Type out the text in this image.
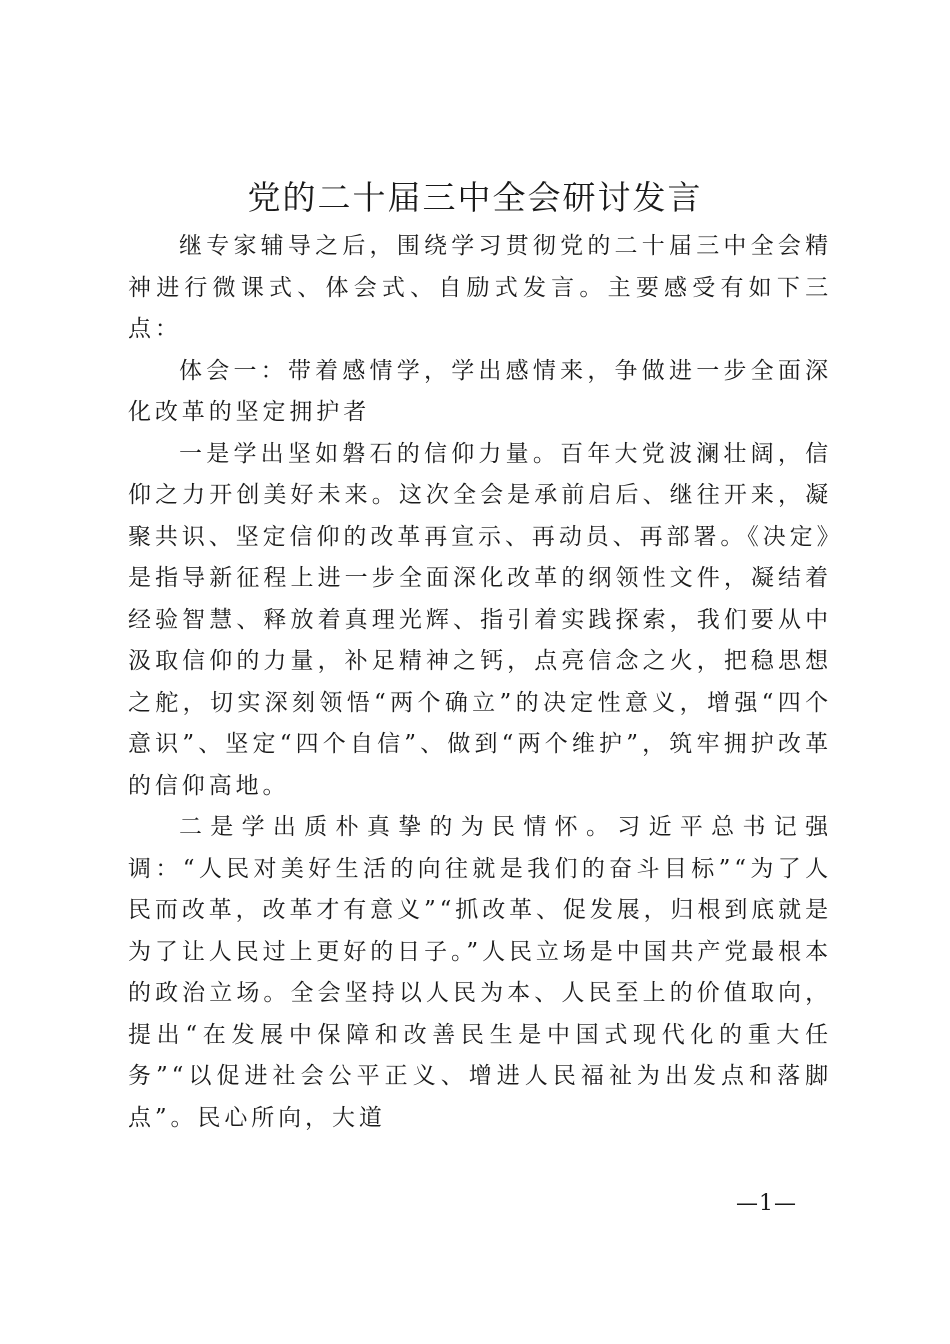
党的二十届三中全会研讨发言

继专家辅导之后，围绕学习贯彻党的二十届三中全会精神进行微课式、体会式、自励式发言。主要感受有如下三点：

体会一：带着感情学，学出感情来，争做进一步全面深化改革的坚定拥护者

一是学出坚如磐石的信仰力量。百年大党波澜壮阔，信仰之力开创美好未来。这次全会是承前启后、继往开来，凝聚共识、坚定信仰的改革再宣示、再动员、再部署。《决定》是指导新征程上进一步全面深化改革的纲领性文件，凝结着经验智慧、释放着真理光辉、指引着实践探索，我们要从中汲取信仰的力量，补足精神之钙，点亮信念之火，把稳思想之舵，切实深刻领悟“两个确立”的决定性意义，增强“四个意识”、坚定“四个自信”、做到“两个维护”，筑牢拥护改革的信仰高地。

二是学出质朴真挚的为民情怀。习近平总书记强调：“人民对美好生活的向往就是我们的奋斗目标”“为了人民而改革，改革才有意义”“抓改革、促发展，归根到底就是为了让人民过上更好的日子。”人民立场是中国共产党最根本的政治立场。全会坚持以人民为本、人民至上的价值取向，提出“在发展中保障和改善民生是中国式现代化的重大任务”“以促进社会公平正义、增进人民福祉为出发点和落脚点”。民心所向，大道

—1—
